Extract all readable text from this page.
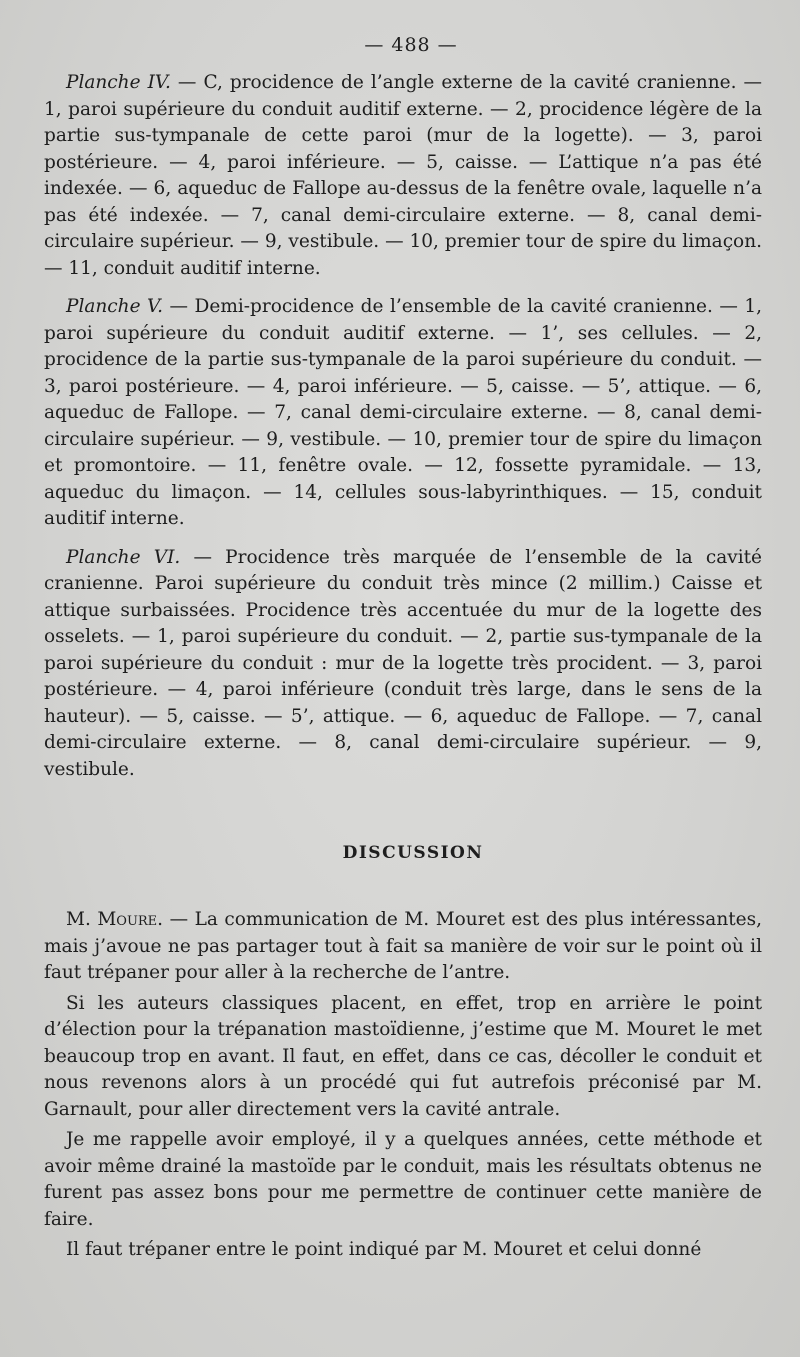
— 488 —

Planche IV. — C, procidence de l’angle externe de la cavité cranienne. — 1, paroi supérieure du conduit auditif externe. — 2, procidence légère de la partie sus-tympanale de cette paroi (mur de la logette). — 3, paroi postérieure. — 4, paroi inférieure. — 5, caisse. — L’attique n’a pas été indexée. — 6, aqueduc de Fallope au-dessus de la fenêtre ovale, laquelle n’a pas été indexée. — 7, canal demi-circulaire externe. — 8, canal demi-circulaire supérieur. — 9, vestibule. — 10, premier tour de spire du limaçon. — 11, conduit auditif interne.

Planche V. — Demi-procidence de l’ensemble de la cavité cranienne. — 1, paroi supérieure du conduit auditif externe. — 1’, ses cellules. — 2, procidence de la partie sus-tympanale de la paroi supérieure du conduit. — 3, paroi postérieure. — 4, paroi inférieure. — 5, caisse. — 5’, attique. — 6, aqueduc de Fallope. — 7, canal demi-circulaire externe. — 8, canal demi-circulaire supérieur. — 9, vestibule. — 10, premier tour de spire du limaçon et promontoire. — 11, fenêtre ovale. — 12, fossette pyramidale. — 13, aqueduc du limaçon. — 14, cellules sous-labyrinthiques. — 15, conduit auditif interne.

Planche VI. — Procidence très marquée de l’ensemble de la cavité cranienne. Paroi supérieure du conduit très mince (2 millim.) Caisse et attique surbaissées. Procidence très accentuée du mur de la logette des osselets. — 1, paroi supérieure du conduit. — 2, partie sus-tympanale de la paroi supérieure du conduit : mur de la logette très procident. — 3, paroi postérieure. — 4, paroi inférieure (conduit très large, dans le sens de la hauteur). — 5, caisse. — 5’, attique. — 6, aqueduc de Fallope. — 7, canal demi-circulaire externe. — 8, canal demi-circulaire supérieur. — 9, vestibule.

DISCUSSION

M. Moure. — La communication de M. Mouret est des plus intéressantes, mais j’avoue ne pas partager tout à fait sa manière de voir sur le point où il faut trépaner pour aller à la recherche de l’antre.

Si les auteurs classiques placent, en effet, trop en arrière le point d’élection pour la trépanation mastoïdienne, j’estime que M. Mouret le met beaucoup trop en avant. Il faut, en effet, dans ce cas, décoller le conduit et nous revenons alors à un procédé qui fut autrefois préconisé par M. Garnault, pour aller directement vers la cavité antrale.

Je me rappelle avoir employé, il y a quelques années, cette méthode et avoir même drainé la mastoïde par le conduit, mais les résultats obtenus ne furent pas assez bons pour me permettre de continuer cette manière de faire.

Il faut trépaner entre le point indiqué par M. Mouret et celui donné
